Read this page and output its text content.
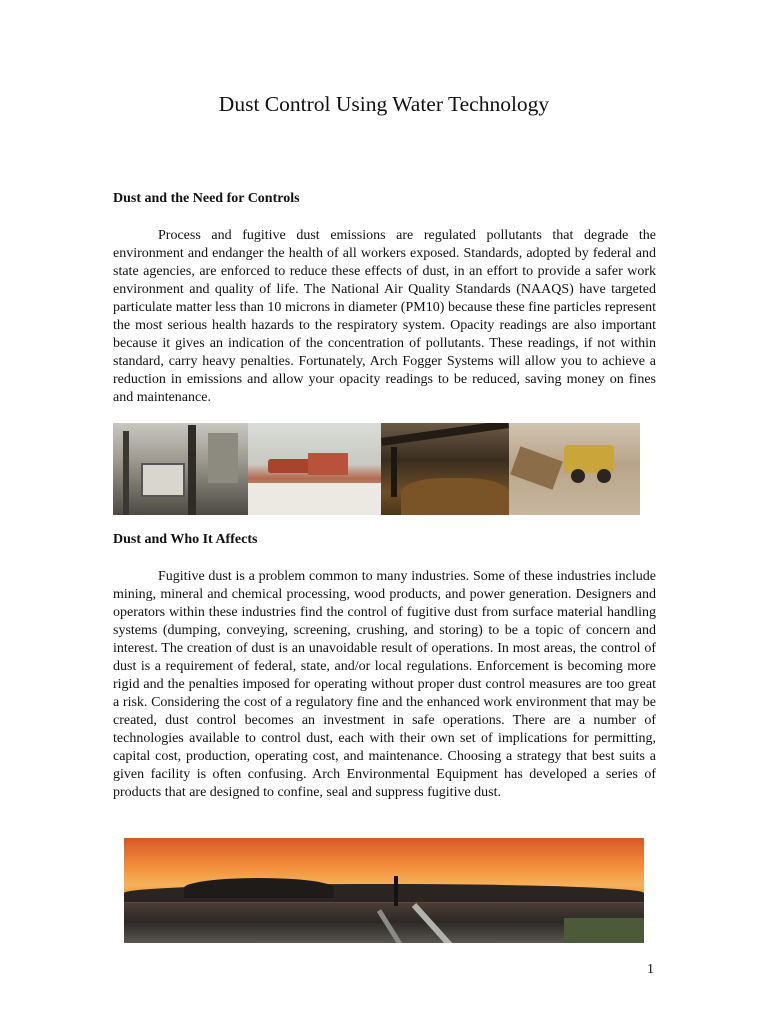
Dust Control Using Water Technology
Dust and the Need for Controls

Process and fugitive dust emissions are regulated pollutants that degrade the environment and endanger the health of all workers exposed. Standards, adopted by federal and state agencies, are enforced to reduce these effects of dust, in an effort to provide a safer work environment and quality of life. The National Air Quality Standards (NAAQS) have targeted particulate matter less than 10 microns in diameter (PM10) because these fine particles represent the most serious health hazards to the respiratory system. Opacity readings are also important because it gives an indication of the concentration of pollutants. These readings, if not within standard, carry heavy penalties. Fortunately, Arch Fogger Systems will allow you to achieve a reduction in emissions and allow your opacity readings to be reduced, saving money on fines and maintenance.

Dust and Who It Affects

Fugitive dust is a problem common to many industries. Some of these industries include mining, mineral and chemical processing, wood products, and power generation. Designers and operators within these industries find the control of fugitive dust from surface material handling systems (dumping, conveying, screening, crushing, and storing) to be a topic of concern and interest. The creation of dust is an unavoidable result of operations. In most areas, the control of dust is a requirement of federal, state, and/or local regulations. Enforcement is becoming more rigid and the penalties imposed for operating without proper dust control measures are too great a risk. Considering the cost of a regulatory fine and the enhanced work environment that may be created, dust control becomes an investment in safe operations. There are a number of technologies available to control dust, each with their own set of implications for permitting, capital cost, production, operating cost, and maintenance. Choosing a strategy that best suits a given facility is often confusing. Arch Environmental Equipment has developed a series of products that are designed to confine, seal and suppress fugitive dust.

1
